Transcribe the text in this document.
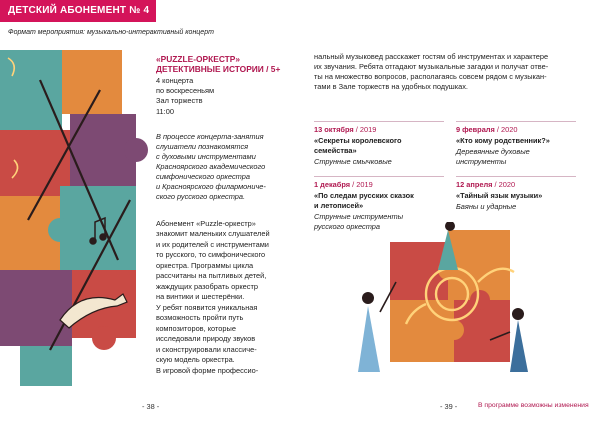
ДЕТСКИЙ АБОНЕМЕНТ № 4
Формат мероприятия: музыкально-интерактивный концерт
«PUZZLE-ОРКЕСТР»
ДЕТЕКТИВНЫЕ ИСТОРИИ / 5+
4 концерта
по воскресеньям
Зал торжеств
11:00
В процессе концерта-занятия
слушатели познакомятся
с духовыми инструментами
Красноярского академического
симфонического оркестра
и Красноярского филармониче-
ского русского оркестра.
Абонемент «Puzzle-оркестр»
знакомит маленьких слушателей
и их родителей с инструментами
то русского, то симфонического
оркестра. Программы цикла
рассчитаны на пытливых детей,
жаждущих разобрать оркестр
на винтики и шестерёнки.
У ребят появится уникальная
возможность пройти путь
композиторов, которые
исследовали природу звуков
и сконструировали классиче-
скую модель оркестра.
В игровой форме профессио-
нальный музыковед расскажет гостям об инструментах и характере
их звучания. Ребята отгадают музыкальные загадки и получат отве-
ты на множество вопросов, располагаясь совсем рядом с музыкан-
тами в Зале торжеств на удобных подушках.
13 октября / 2019
«Секреты королевского
семейства»
Струнные смычковые
9 февраля / 2020
«Кто кому родственник?»
Деревянные духовые
инструменты
1 декабря / 2019
«По следам русских сказок
и летописей»
Струнные инструменты
русского оркестра
12 апреля / 2020
«Тайный язык музыки»
Баяны и ударные
- 38 -	- 39 -	В программе возможны изменения
